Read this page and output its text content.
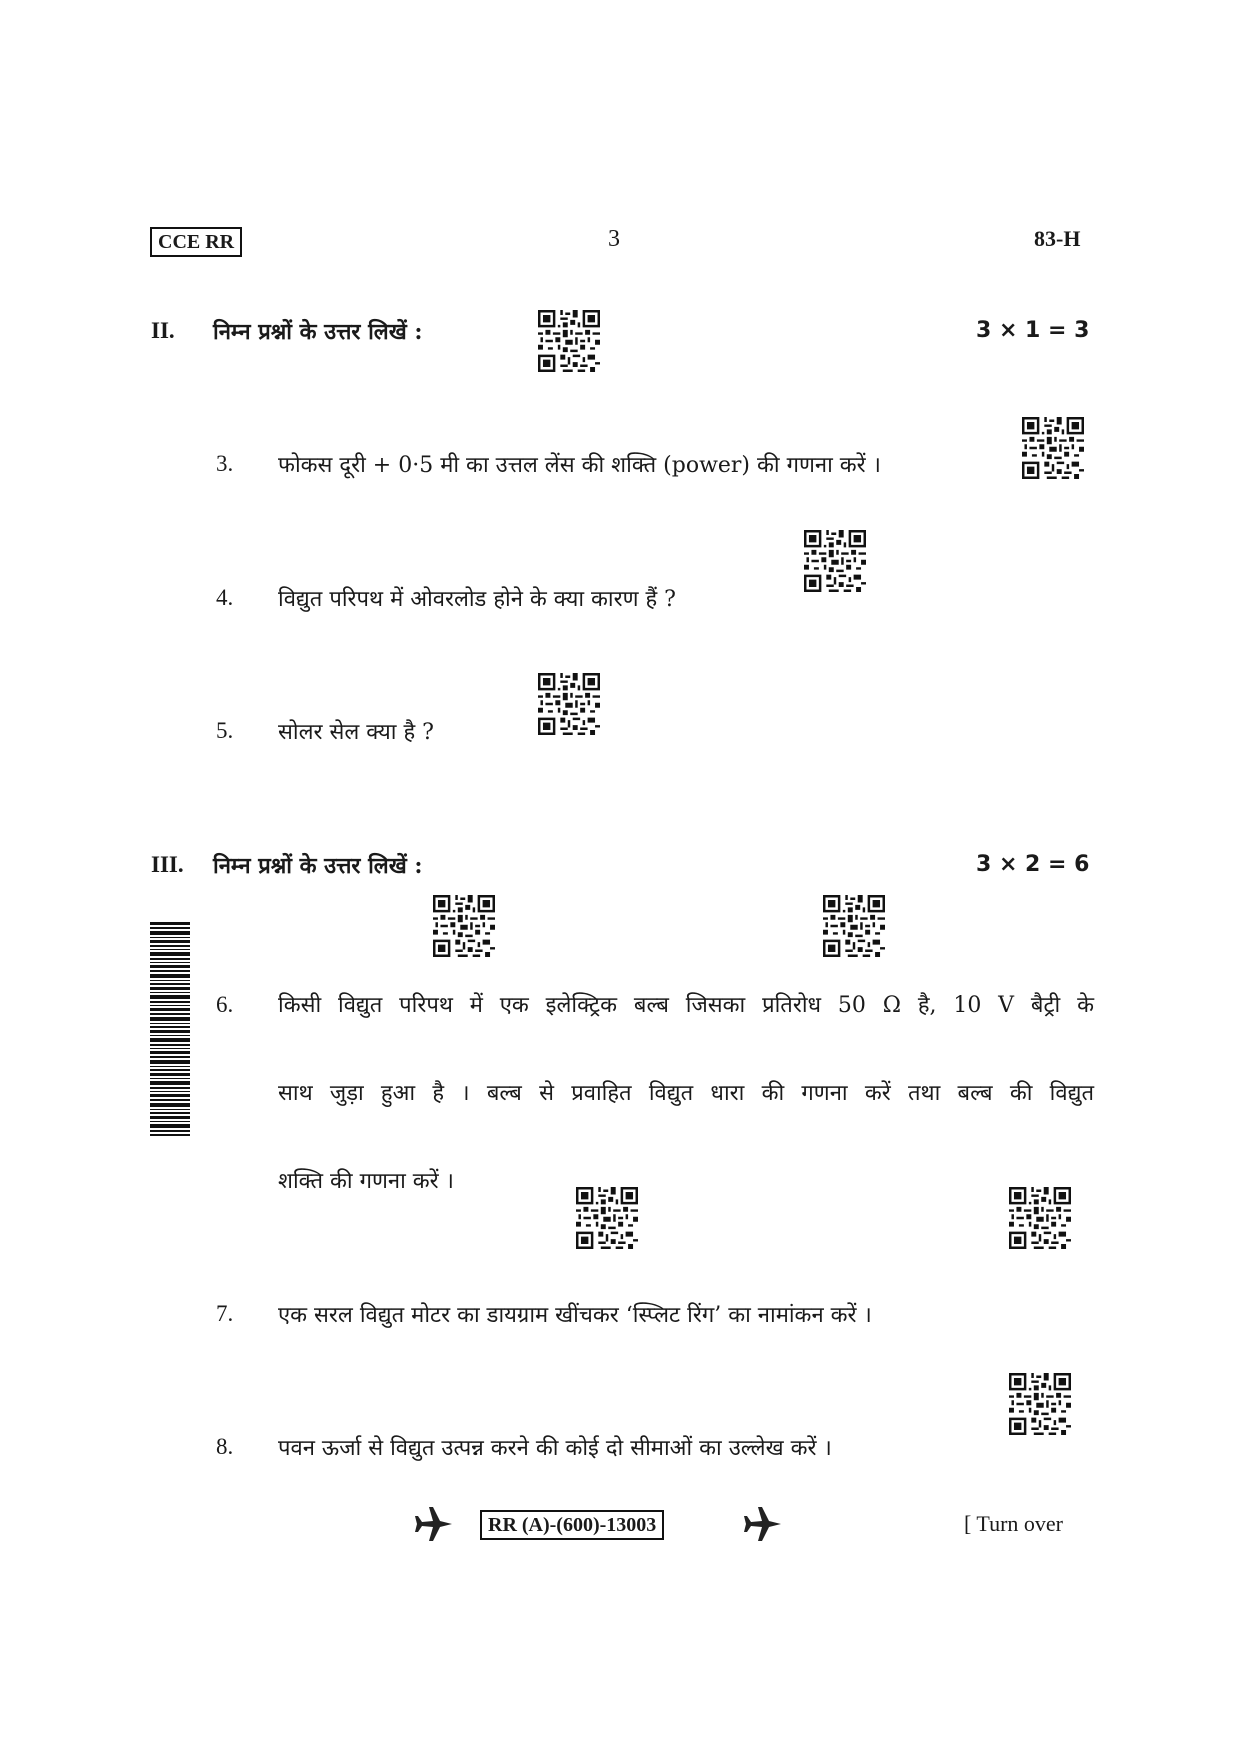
CCE RR	3	83-H
II. निम्न प्रश्नों के उत्तर लिखें :	3 × 1 = 3
3. फोकस दूरी + 0·5 मी का उत्तल लेंस की शक्ति (power) की गणना करें ।
4. विद्युत परिपथ में ओवरलोड होने के क्या कारण हैं ?
5. सोलर सेल क्या है ?
III. निम्न प्रश्नों के उत्तर लिखें :	3 × 2 = 6
6. किसी विद्युत परिपथ में एक इलेक्ट्रिक बल्ब जिसका प्रतिरोध 50 Ω है, 10 V बैट्री के
साथ जुड़ा हुआ है । बल्ब से प्रवाहित विद्युत धारा की गणना करें तथा बल्ब की विद्युत
शक्ति की गणना करें ।
7. एक सरल विद्युत मोटर का डायग्राम खींचकर ‘स्प्लिट रिंग’ का नामांकन करें ।
8. पवन ऊर्जा से विद्युत उत्पन्न करने की कोई दो सीमाओं का उल्लेख करें ।
RR (A)-(600)-13003	[ Turn over
